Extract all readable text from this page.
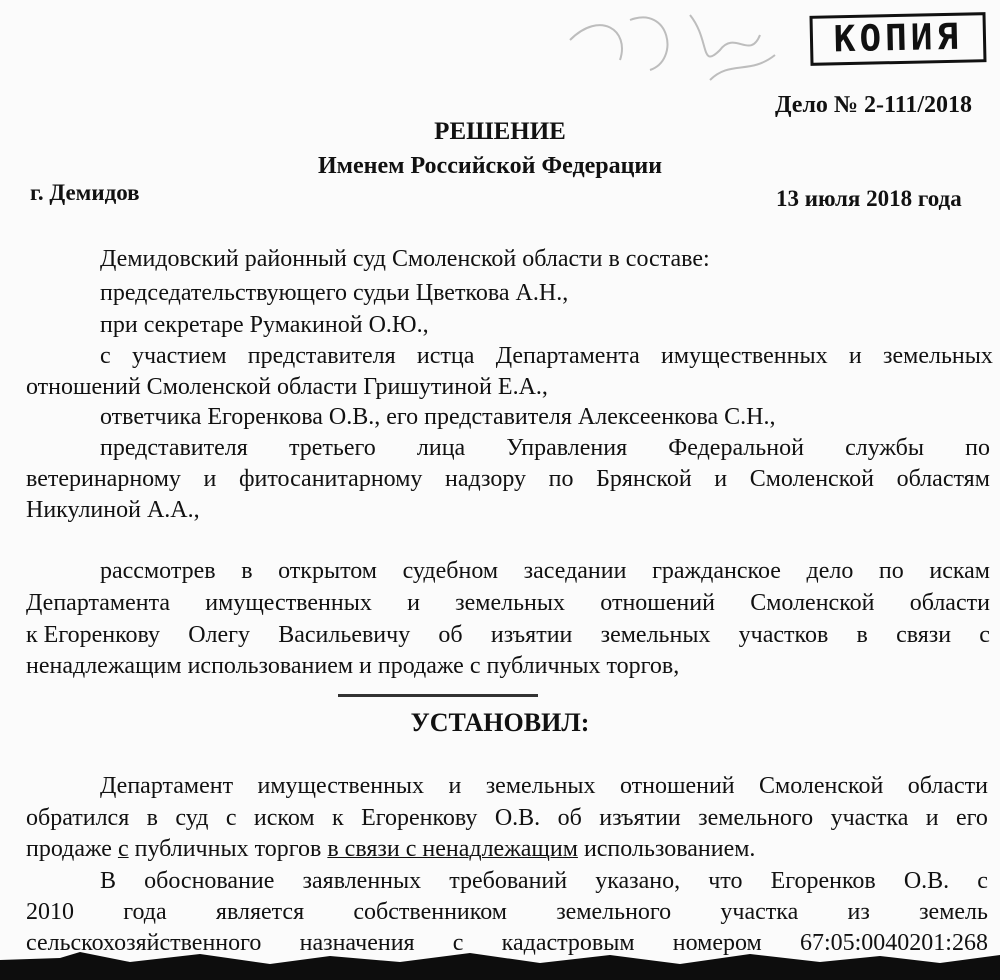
КОПИЯ
Дело № 2-111/2018
РЕШЕНИЕ
Именем Российской Федерации
г. Демидов	13 июля 2018 года
Демидовский районный суд Смоленской области в составе:
председательствующего судьи Цветкова А.Н.,
при секретаре Румакиной О.Ю.,
с участием представителя истца Департамента имущественных и земельных
отношений Смоленской области Гришутиной Е.А.,
ответчика Егоренкова О.В., его представителя Алексеенкова С.Н.,
представителя третьего лица Управления Федеральной службы по
ветеринарному и фитосанитарному надзору по Брянской и Смоленской областям
Никулиной А.А.,
рассмотрев в открытом судебном заседании гражданское дело по искам
Департамента имущественных и земельных отношений Смоленской области
к Егоренкову Олегу Васильевичу об изъятии земельных участков в связи с
ненадлежащим использованием и продаже с публичных торгов,
УСТАНОВИЛ:
Департамент имущественных и земельных отношений Смоленской области
обратился в суд с иском к Егоренкову О.В. об изъятии земельного участка и его
продаже с публичных торгов в связи с ненадлежащим использованием.
В обоснование заявленных требований указано, что Егоренков О.В. с
2010 года является собственником земельного участка из земель
сельскохозяйственного назначения с кадастровым номером 67:05:0040201:268
